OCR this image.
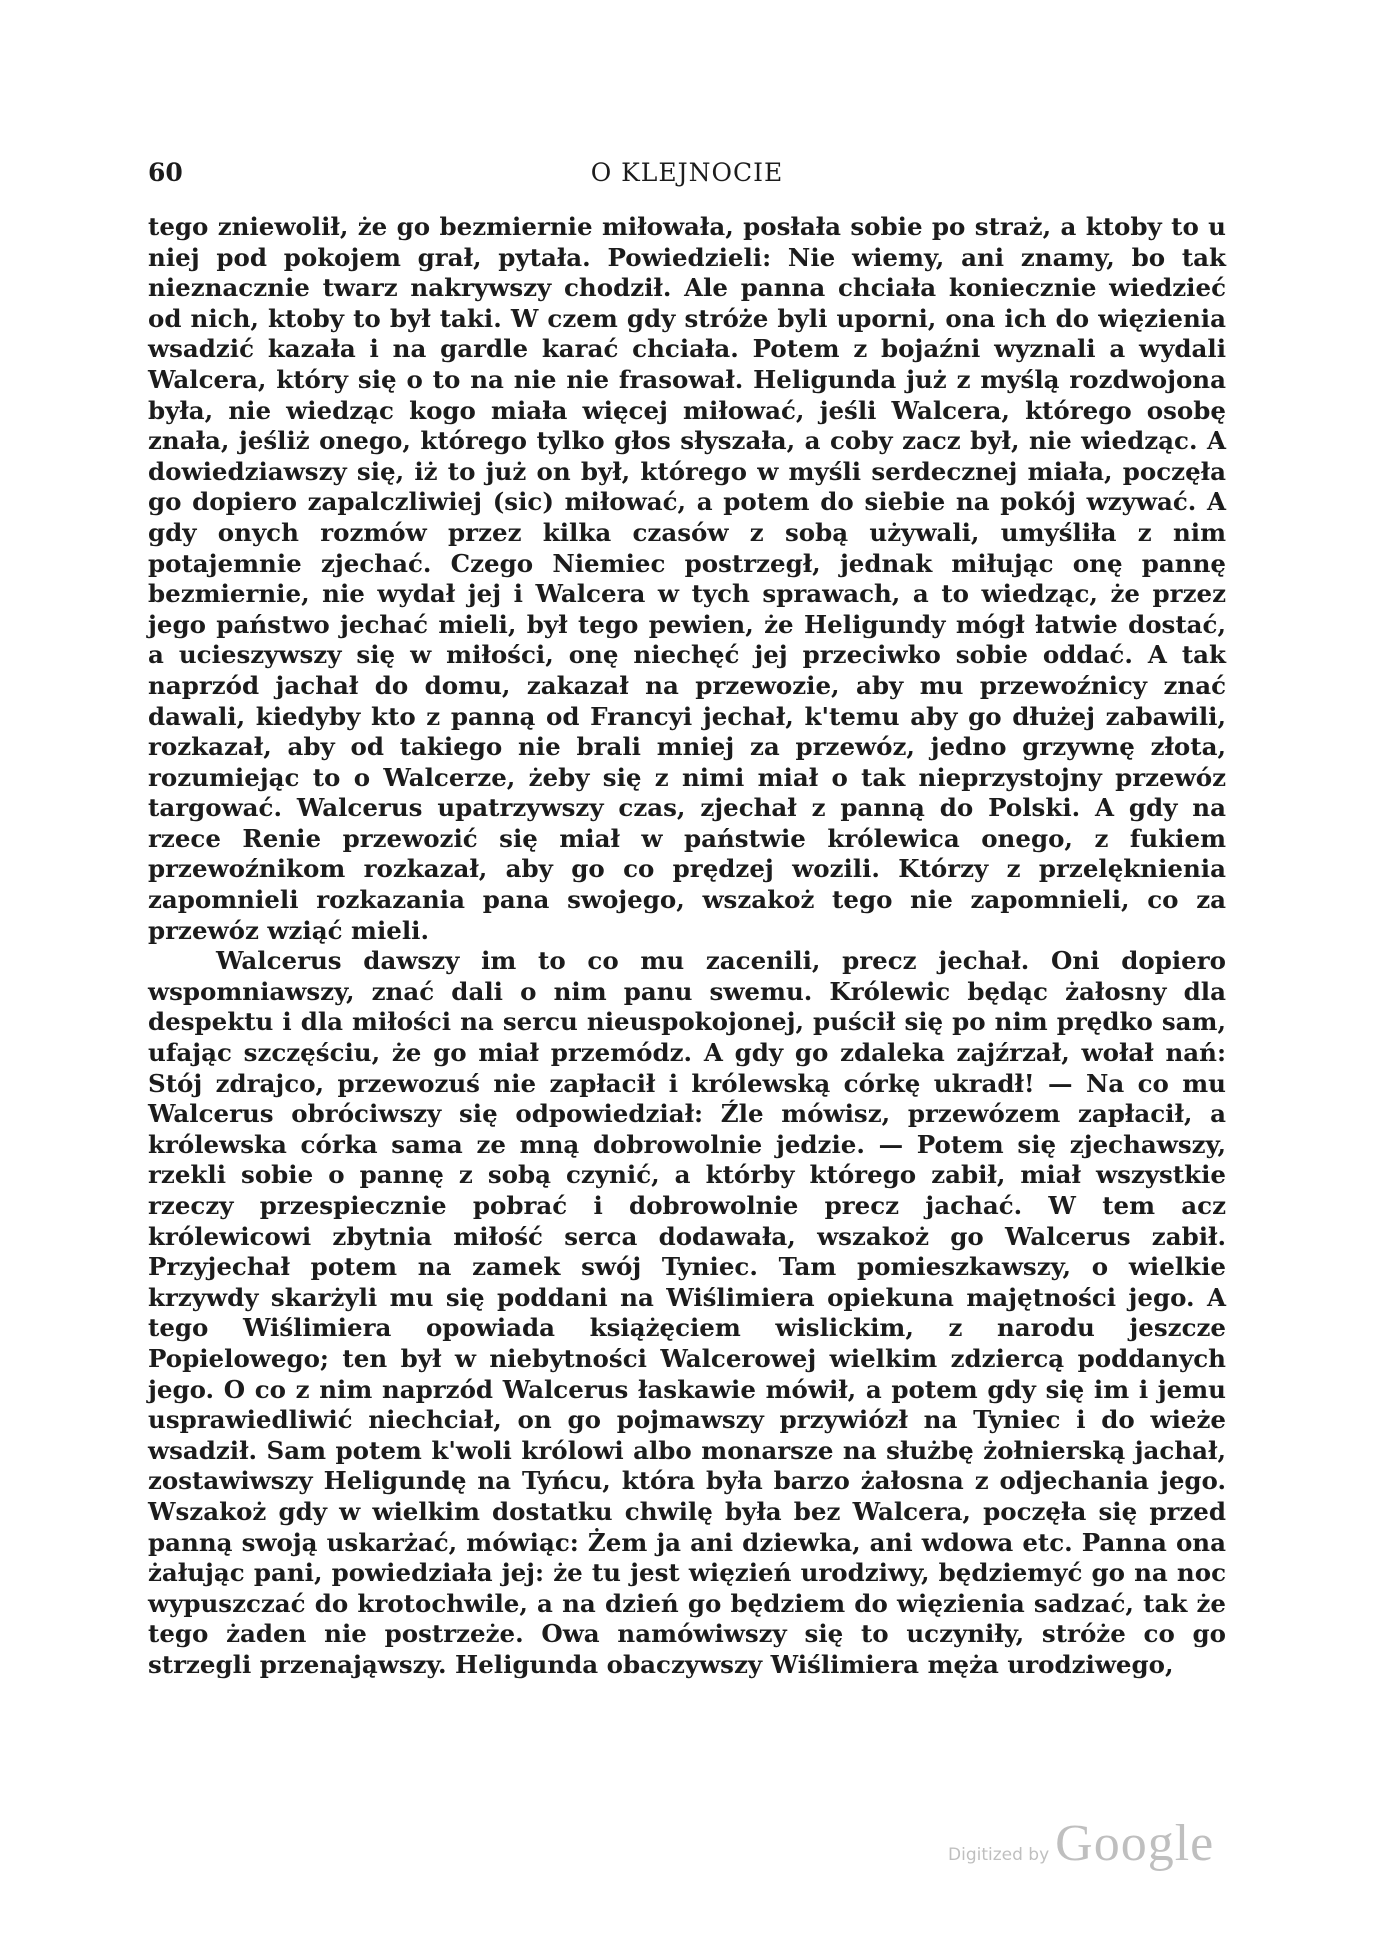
60	O KLEJNOCIE

tego zniewolił, że go bezmiernie miłowała, posłała sobie po straż, a ktoby to u niej pod pokojem grał, pytała. Powiedzieli: Nie wiemy, ani znamy, bo tak nieznacznie twarz nakrywszy chodził. Ale panna chciała koniecznie wiedzieć od nich, ktoby to był taki. W czem gdy stróże byli uporni, ona ich do więzienia wsadzić kazała i na gardle karać chciała. Potem z bojaźni wyznali a wydali Walcera, który się o to na nie nie frasował. Heligunda już z myślą rozdwojona była, nie wiedząc kogo miała więcej miłować, jeśli Walcera, którego osobę znała, jeśliż onego, którego tylko głos słyszała, a coby zacz był, nie wiedząc. A dowiedziawszy się, iż to już on był, którego w myśli serdecznej miała, poczęła go dopiero zapalczliwiej (sic) miłować, a potem do siebie na pokój wzywać. A gdy onych rozmów przez kilka czasów z sobą używali, umyśliła z nim potajemnie zjechać. Czego Niemiec postrzegł, jednak miłując onę pannę bezmiernie, nie wydał jej i Walcera w tych sprawach, a to wiedząc, że przez jego państwo jechać mieli, był tego pewien, że Heligundy mógł łatwie dostać, a ucieszywszy się w miłości, onę niechęć jej przeciwko sobie oddać. A tak naprzód jachał do domu, zakazał na przewozie, aby mu przewoźnicy znać dawali, kiedyby kto z panną od Francyi jechał, k'temu aby go dłużej zabawili, rozkazał, aby od takiego nie brali mniej za przewóz, jedno grzywnę złota, rozumiejąc to o Walcerze, żeby się z nimi miał o tak nieprzystojny przewóz targować. Walcerus upatrzywszy czas, zjechał z panną do Polski. A gdy na rzece Renie przewozić się miał w państwie królewica onego, z fukiem przewoźnikom rozkazał, aby go co prędzej wozili. Którzy z przelęknienia zapomnieli rozkazania pana swojego, wszakoż tego nie zapomnieli, co za przewóz wziąć mieli.

Walcerus dawszy im to co mu zacenili, precz jechał. Oni dopiero wspomniawszy, znać dali o nim panu swemu. Królewic będąc żałosny dla despektu i dla miłości na sercu nieuspokojonej, puścił się po nim prędko sam, ufając szczęściu, że go miał przemódz. A gdy go zdaleka zajźrzał, wołał nań: Stój zdrajco, przewozuś nie zapłacił i królewską córkę ukradł! — Na co mu Walcerus obróciwszy się odpowiedział: Źle mówisz, przewózem zapłacił, a królewska córka sama ze mną dobrowolnie jedzie. — Potem się zjechawszy, rzekli sobie o pannę z sobą czynić, a którby którego zabił, miał wszystkie rzeczy przespiecznie pobrać i dobrowolnie precz jachać. W tem acz królewicowi zbytnia miłość serca dodawała, wszakoż go Walcerus zabił. Przyjechał potem na zamek swój Tyniec. Tam pomieszkawszy, o wielkie krzywdy skarżyli mu się poddani na Wiślimiera opiekuna majętności jego. A tego Wiślimiera opowiada książęciem wislickim, z narodu jeszcze Popielowego; ten był w niebytności Walcerowej wielkim zdziercą poddanych jego. O co z nim naprzód Walcerus łaskawie mówił, a potem gdy się im i jemu usprawiedliwić niechciał, on go pojmawszy przywiózł na Tyniec i do wieże wsadził. Sam potem k'woli królowi albo monarsze na służbę żołnierską jachał, zostawiwszy Heligundę na Tyńcu, która była barzo żałosna z odjechania jego. Wszakoż gdy w wielkim dostatku chwilę była bez Walcera, poczęła się przed panną swoją uskarżać, mówiąc: Żem ja ani dziewka, ani wdowa etc. Panna ona żałując pani, powiedziała jej: że tu jest więzień urodziwy, będziemyć go na noc wypuszczać do krotochwile, a na dzień go będziem do więzienia sadzać, tak że tego żaden nie postrzeże. Owa namówiwszy się to uczyniły, stróże co go strzegli przenająwszy. Heligunda obaczywszy Wiślimiera męża urodziwego,

Digitized by Google
